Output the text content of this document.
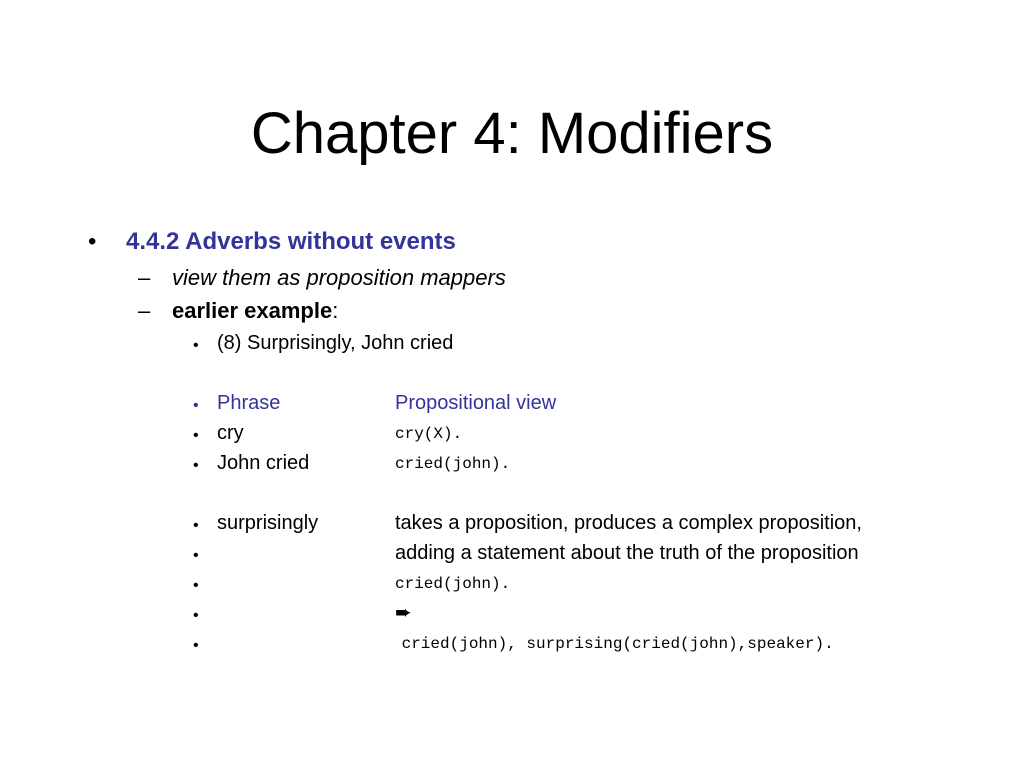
Chapter 4: Modifiers
• 4.4.2 Adverbs without events
– view them as proposition mappers
– earlier example:
• (8) Surprisingly, John cried
• Phrase	Propositional view
• cry	cry(X).
• John cried	cried(john).
• surprisingly	takes a proposition, produces a complex proposition,
•	adding a statement about the truth of the proposition
•	cried(john).
•	➨
•	cried(john), surprising(cried(john),speaker).
